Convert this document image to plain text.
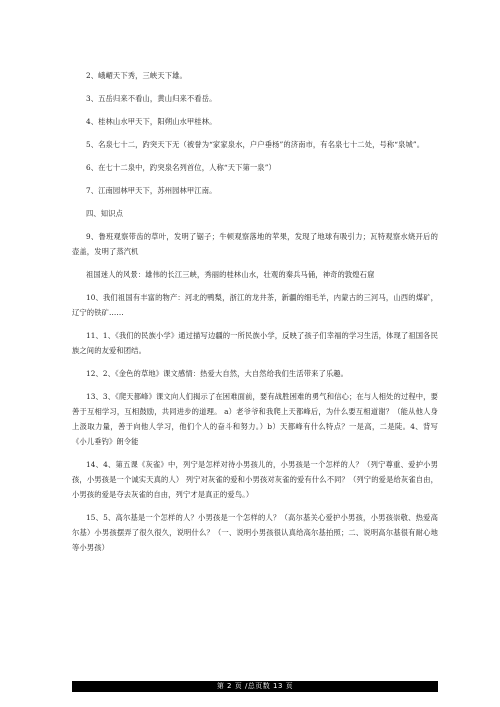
2、峨嵋天下秀，三峡天下雄。

3、五岳归来不看山，黄山归来不看岳。

4、桂林山水甲天下，阳朔山水甲桂林。

5、名泉七十二，趵突天下无（被誉为“家家泉水，户户垂杨”的济南市，有名泉七十二处，号称“泉城”。

6、在七十二泉中，趵突泉名列首位，人称“天下第一泉”）

7、江南园林甲天下，苏州园林甲江南。

四、知识点

9、鲁班观察带齿的草叶，发明了锯子；牛顿观察落地的苹果，发现了地球有吸引力；瓦特观察水烧开后的壶盖，发明了蒸汽机

祖国迷人的风景：雄伟的长江三峡，秀丽的桂林山水，壮观的秦兵马俑，神奇的敦煌石窟

10、我们祖国有丰富的物产：河北的鸭梨，浙江的龙井茶，新疆的细毛羊，内蒙古的三河马，山西的煤矿，辽宁的铁矿……

11、1、《我们的民族小学》通过描写边疆的一所民族小学，反映了孩子们幸福的学习生活，体现了祖国各民族之间的友爱和团结。

12、2、《金色的草地》课文感情：热爱大自然，大自然给我们生活带来了乐趣。

13、3、《爬天都峰》课文向人们揭示了在困难面前，要有战胜困难的勇气和信心；在与人相处的过程中，要善于互相学习，互相鼓励，共同进步的道理。 a）老爷爷和我爬上天都峰后，为什么要互相道谢？（能从他人身上汲取力量，善于向他人学习，他们个人的奋斗和努力。）b）天都峰有什么特点？一是高，二是陡。4、背写《小儿垂钓》朗令能

14、4、第五课《灰雀》中，列宁是怎样对待小男孩儿的，小男孩是一个怎样的人？（列宁尊重、爱护小男孩，小男孩是一个诚实天真的人） 列宁对灰雀的爱和小男孩对灰雀的爱有什么不同？（列宁的爱是给灰雀自由，小男孩的爱是夺去灰雀的自由，列宁才是真正的爱鸟。）

15、5、高尔基是一个怎样的人？小男孩是一个怎样的人？（高尔基关心爱护小男孩，小男孩崇敬、热爱高尔基）小男孩摆弄了很久很久，说明什么？（一、说明小男孩很认真给高尔基拍照；二、说明高尔基很有耐心地等小男孩）

第 2 页 /总页数 13 页
